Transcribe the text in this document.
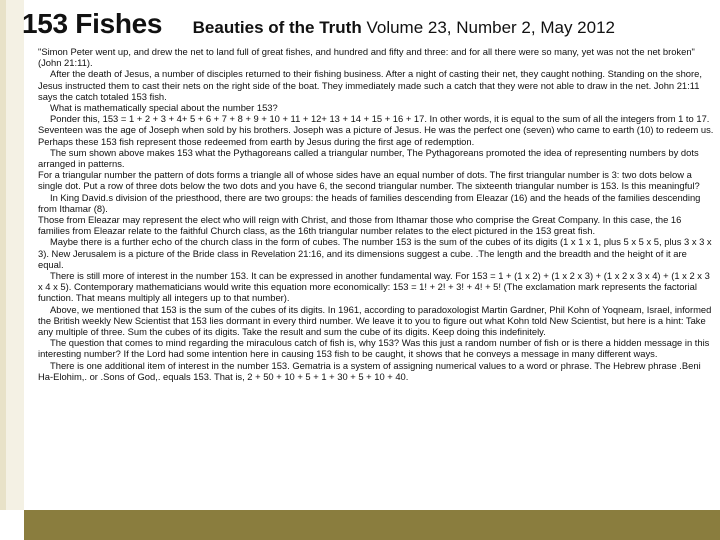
153 Fishes Beauties of the Truth Volume 23, Number 2, May 2012

"Simon Peter went up, and drew the net to land full of great fishes, and hundred and fifty and three: and for all there were so many, yet was not the net broken" (John 21:11).

After the death of Jesus, a number of disciples returned to their fishing business. After a night of casting their net, they caught nothing. Standing on the shore, Jesus instructed them to cast their nets on the right side of the boat. They immediately made such a catch that they were not able to draw in the net. John 21:11 says the catch totaled 153 fish.

What is mathematically special about the number 153?

Ponder this, 153 = 1 + 2 + 3 + 4+ 5 + 6 + 7 + 8 + 9 + 10 + 11 + 12+ 13 + 14 + 15 + 16 + 17. In other words, it is equal to the sum of all the integers from 1 to 17. Seventeen was the age of Joseph when sold by his brothers. Joseph was a picture of Jesus. He was the perfect one (seven) who came to earth (10) to redeem us. Perhaps these 153 fish represent those redeemed from earth by Jesus during the first age of redemption.

The sum shown above makes 153 what the Pythagoreans called a triangular number, The Pythagoreans promoted the idea of representing numbers by dots arranged in patterns.

For a triangular number the pattern of dots forms a triangle all of whose sides have an equal number of dots. The first triangular number is 3: two dots below a single dot. Put a row of three dots below the two dots and you have 6, the second triangular number. The sixteenth triangular number is 153. Is this meaningful?

In King David.s division of the priesthood, there are two groups: the heads of families descending from Eleazar (16) and the heads of the families descending from Ithamar (8).

Those from Eleazar may represent the elect who will reign with Christ, and those from Ithamar those who comprise the Great Company. In this case, the 16 families from Eleazar relate to the faithful Church class, as the 16th triangular number relates to the elect pictured in the 153 great fish.

Maybe there is a further echo of the church class in the form of cubes. The number 153 is the sum of the cubes of its digits (1 x 1 x 1, plus 5 x 5 x 5, plus 3 x 3 x 3). New Jerusalem is a picture of the Bride class in Revelation 21:16, and its dimensions suggest a cube. .The length and the breadth and the height of it are equal.

There is still more of interest in the number 153. It can be expressed in another fundamental way. For 153 = 1 + (1 x 2) + (1 x 2 x 3) + (1 x 2 x 3 x 4) + (1 x 2 x 3 x 4 x 5). Contemporary mathematicians would write this equation more economically: 153 = 1! + 2! + 3! + 4! + 5! (The exclamation mark represents the factorial function. That means multiply all integers up to that number).

Above, we mentioned that 153 is the sum of the cubes of its digits. In 1961, according to paradoxologist Martin Gardner, Phil Kohn of Yoqneam, Israel, informed the British weekly New Scientist that 153 lies dormant in every third number. We leave it to you to figure out what Kohn told New Scientist, but here is a hint: Take any multiple of three. Sum the cubes of its digits. Take the result and sum the cube of its digits. Keep doing this indefinitely.

The question that comes to mind regarding the miraculous catch of fish is, why 153? Was this just a random number of fish or is there a hidden message in this interesting number? If the Lord had some intention here in causing 153 fish to be caught, it shows that he conveys a message in many different ways.

There is one additional item of interest in the number 153. Gematria is a system of assigning numerical values to a word or phrase. The Hebrew phrase .Beni Ha-Elohim,. or .Sons of God,. equals 153. That is, 2 + 50 + 10 + 5 + 1 + 30 + 5 + 10 + 40.
